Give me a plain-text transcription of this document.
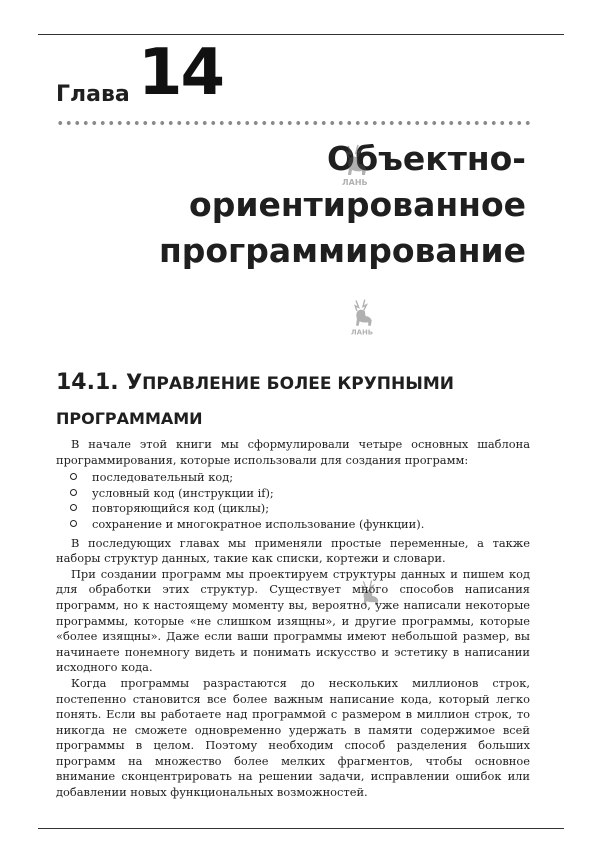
Глава 14
Объектно-
ориентированное
программирование
ЛАНЬ
ЛАНЬ
14.1. УПРАВЛЕНИЕ БОЛЕЕ КРУПНЫМИ
ПРОГРАММАМИ

В начале этой книги мы сформулировали четыре основных шаблона программирования, которые использовали для создания программ:

последовательный код;
условный код (инструкции if);
повторяющийся код (циклы);
сохранение и многократное использование (функции).

В последующих главах мы применяли простые переменные, а также наборы структур данных, такие как списки, кортежи и словари.

При создании программ мы проектируем структуры данных и пишем код для обработки этих структур. Существует много способов написания программ, но к настоящему моменту вы, вероятно, уже написали некоторые программы, которые «не слишком изящны», и другие программы, которые «более изящны». Даже если ваши программы имеют небольшой размер, вы начинаете понемногу видеть и понимать искусство и эстетику в написании исходного кода.

Когда программы разрастаются до нескольких миллионов строк, постепенно становится все более важным написание кода, который легко понять. Если вы работаете над программой с размером в миллион строк, то никогда не сможете одновременно удержать в памяти содержимое всей программы в целом. Поэтому необходим способ разделения больших программ на множество более мелких фрагментов, чтобы основное внимание сконцентрировать на решении задачи, исправлении ошибок или добавлении новых функциональных возможностей.
